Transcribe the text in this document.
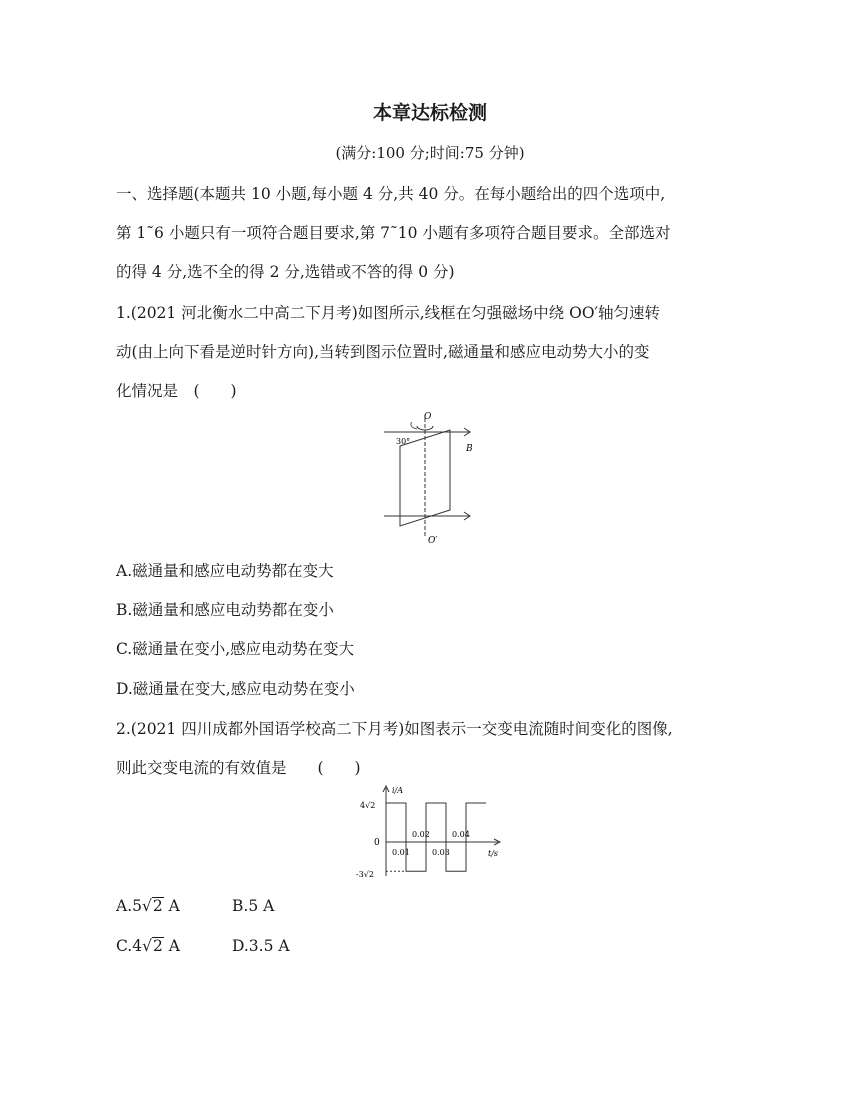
本章达标检测
(满分:100 分;时间:75 分钟)
一、选择题(本题共 10 小题,每小题 4 分,共 40 分。在每小题给出的四个选项中,
第 1˜6 小题只有一项符合题目要求,第 7˜10 小题有多项符合题目要求。全部选对
的得 4 分,选不全的得 2 分,选错或不答的得 0 分)
1.(2021 河北衡水二中高二下月考)如图所示,线框在匀强磁场中绕 OO′轴匀速转
动(由上向下看是逆时针方向),当转到图示位置时,磁通量和感应电动势大小的变
化情况是　(　　)
O
O′
30°
B
A.磁通量和感应电动势都在变大
B.磁通量和感应电动势都在变小
C.磁通量在变小,感应电动势在变大
D.磁通量在变大,感应电动势在变小
2.(2021 四川成都外国语学校高二下月考)如图表示一交变电流随时间变化的图像,
则此交变电流的有效值是　　(　　)
i/A
t/s
0
4√2
-3√2
0.02	0.04
0.01	0.03
A.5√2 A	B.5 A
C.4√2 A	D.3.5 A
